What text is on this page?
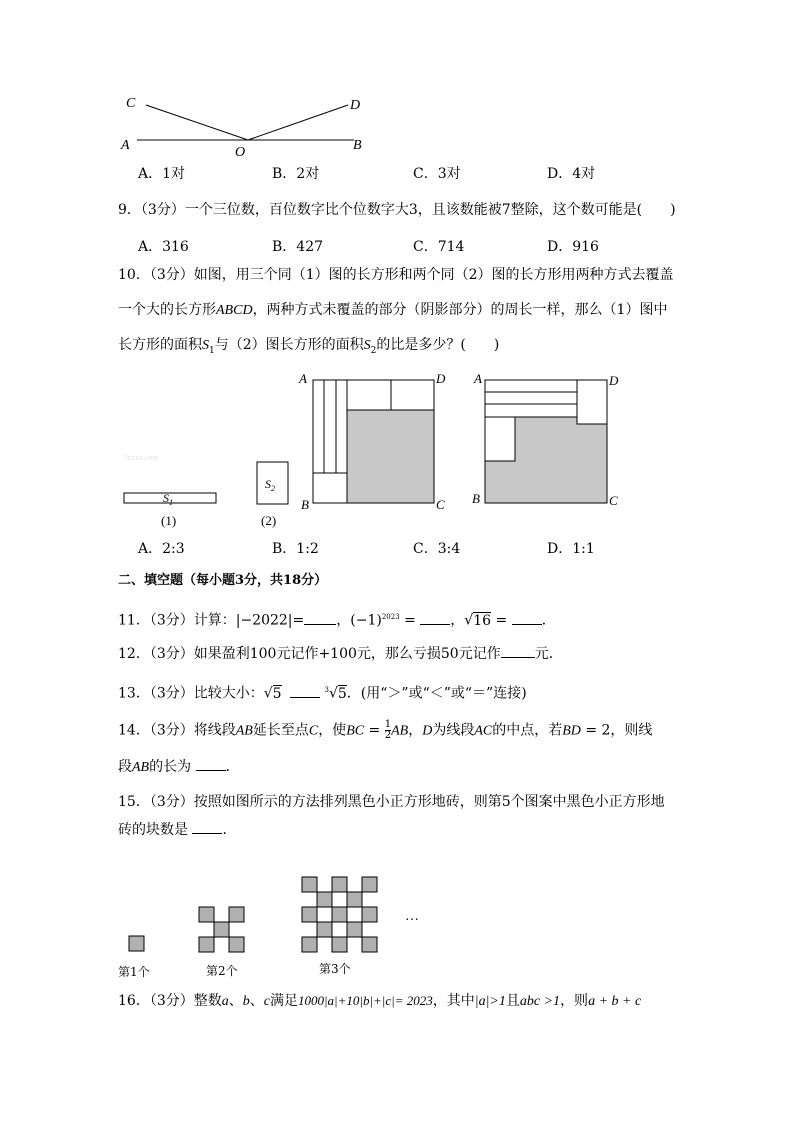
C	D
A	O	B
A．1对	B．2对	C．3对	D．4对
9．（3分）一个三位数，百位数字比个位数字大3，且该数能被7整除，这个数可能是(　　)
A．316	B．427	C．714	D．916
10．（3分）如图，用三个同（1）图的长方形和两个同（2）图的长方形用两种方式去覆盖
一个大的长方形ABCD，两种方式未覆盖的部分（阴影部分）的周长一样，那么（1）图中
长方形的面积$S_1$与（2）图长方形的面积$S_2$的比是多少？(　　)
7xxxx.com
$S_1$
(1)
$S_2$
(2)
A	D
B	C
A	D
B	C
A．2:3	B．1:2	C．3:4	D．1:1
二、填空题（每小题3分，共18分）
11．（3分）计算：|−2022|= ，$(-1)^{2023}$ = ，√16 = ．
12．（3分）如果盈利100元记作+100元，那么亏损50元记作 元．
13．（3分）比较大小：√5	$^3$√5．(用“＞”或“＜”或“＝”连接)
14．（3分）将线段AB延长至点C，使BC = $\frac{1}{2}$ AB，D为线段AC的中点，若BD = 2，则线
段AB的长为 ．
15．（3分）按照如图所示的方法排列黑色小正方形地砖，则第5个图案中黑色小正方形地
砖的块数是 ．
…
第1个	第2个	第3个
16．（3分）整数a、b、c满足1000|a|+10|b|+|c|= 2023，其中|a|>1且abc >1，则a + b + c
